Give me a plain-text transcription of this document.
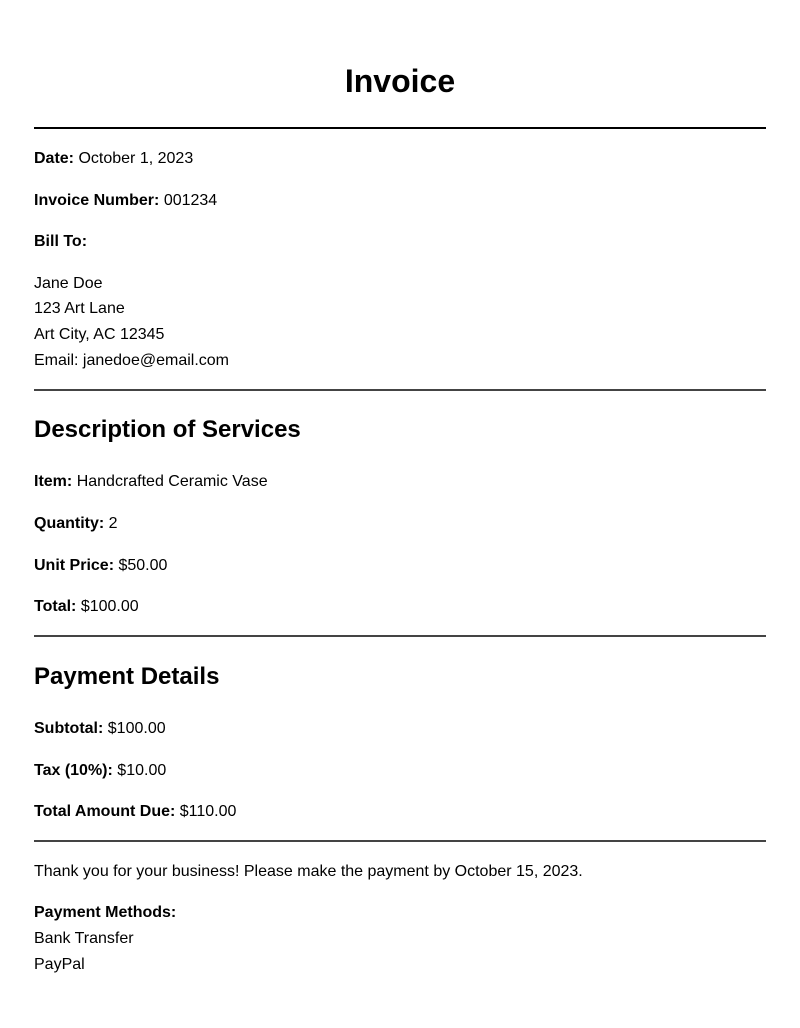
Invoice

Date: October 1, 2023

Invoice Number: 001234

Bill To:

Jane Doe

123 Art Lane

Art City, AC 12345

Email: janedoe@email.com

Description of Services

Item: Handcrafted Ceramic Vase

Quantity: 2

Unit Price: $50.00

Total: $100.00

Payment Details

Subtotal: $100.00

Tax (10%): $10.00

Total Amount Due: $110.00

Thank you for your business! Please make the payment by October 15, 2023.

Payment Methods:

Bank Transfer

PayPal
